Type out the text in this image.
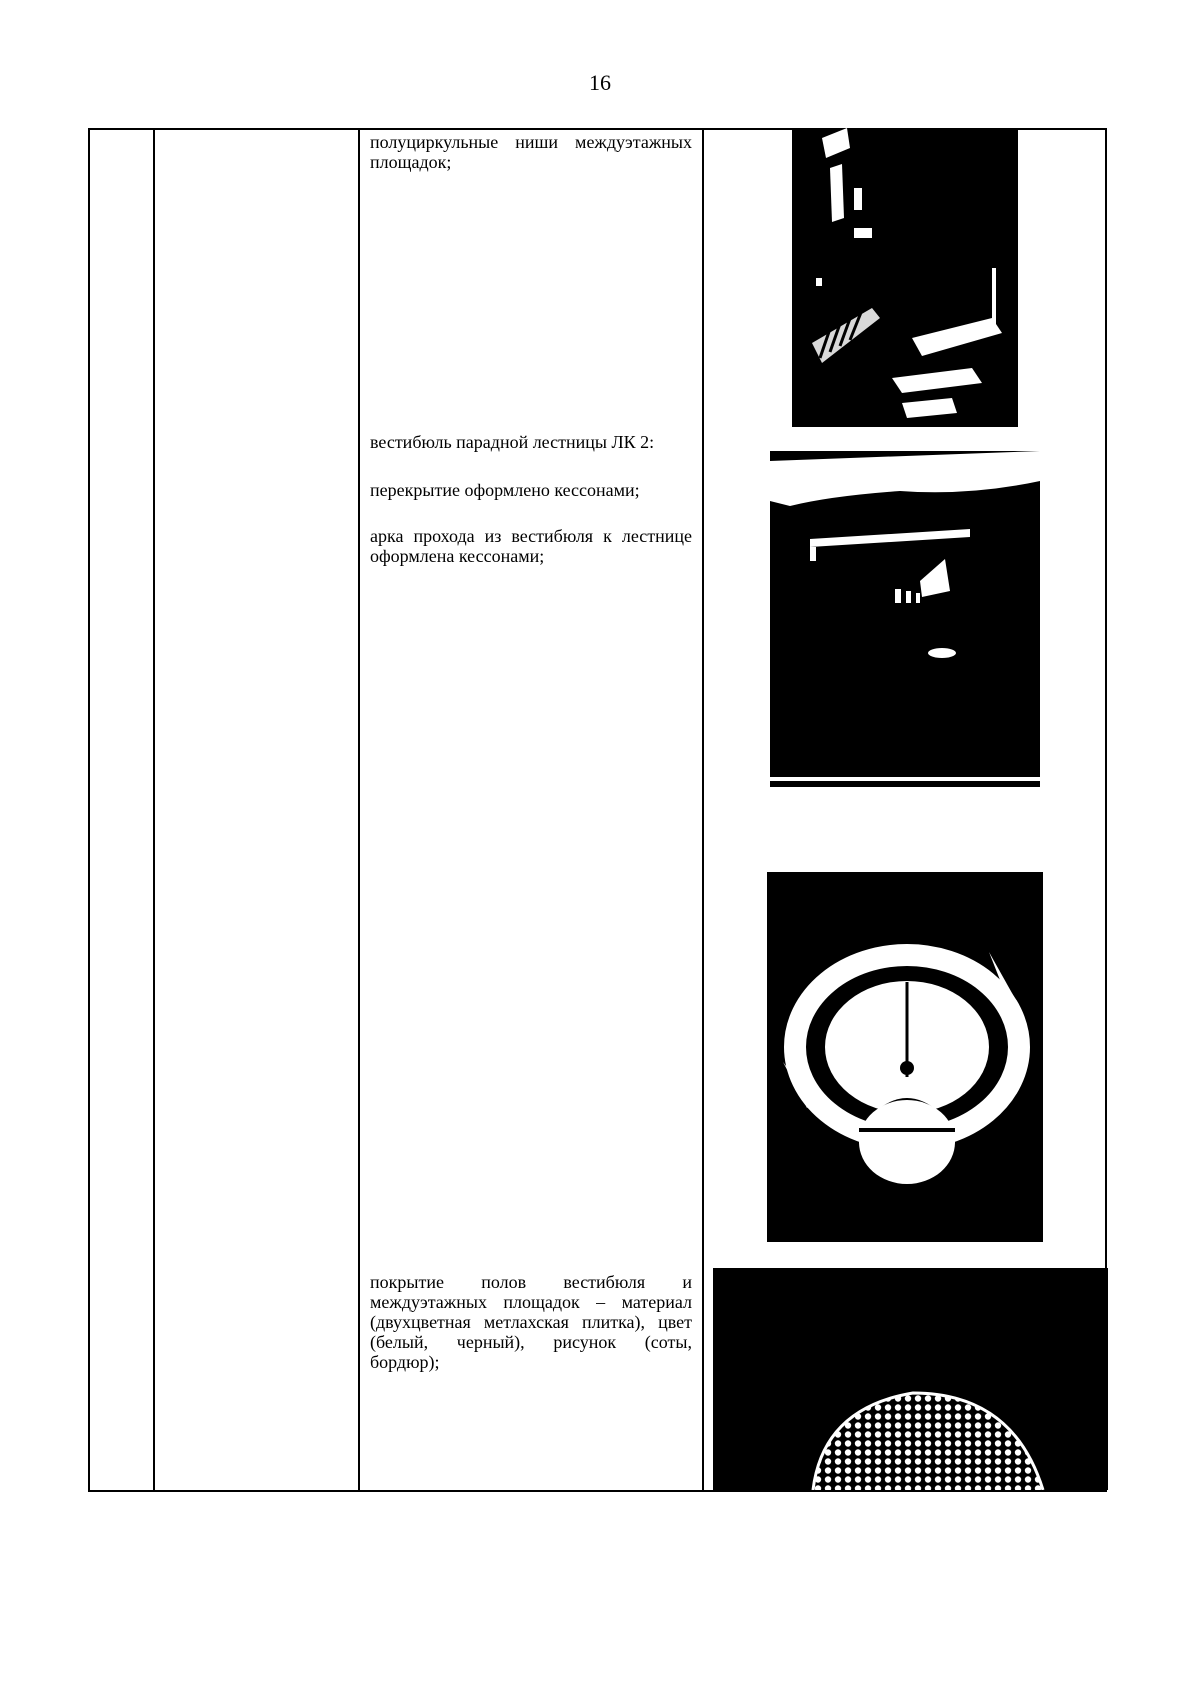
16
полуциркульные ниши междуэтажных площадок;
вестибюль парадной лестницы ЛК 2:
перекрытие оформлено кессонами;
арка прохода из вестибюля к лестнице оформлена кессонами;
покрытие полов вестибюля и междуэтажных площадок – материал (двухцветная метлахская плитка), цвет (белый, черный), рисунок (соты, бордюр);
